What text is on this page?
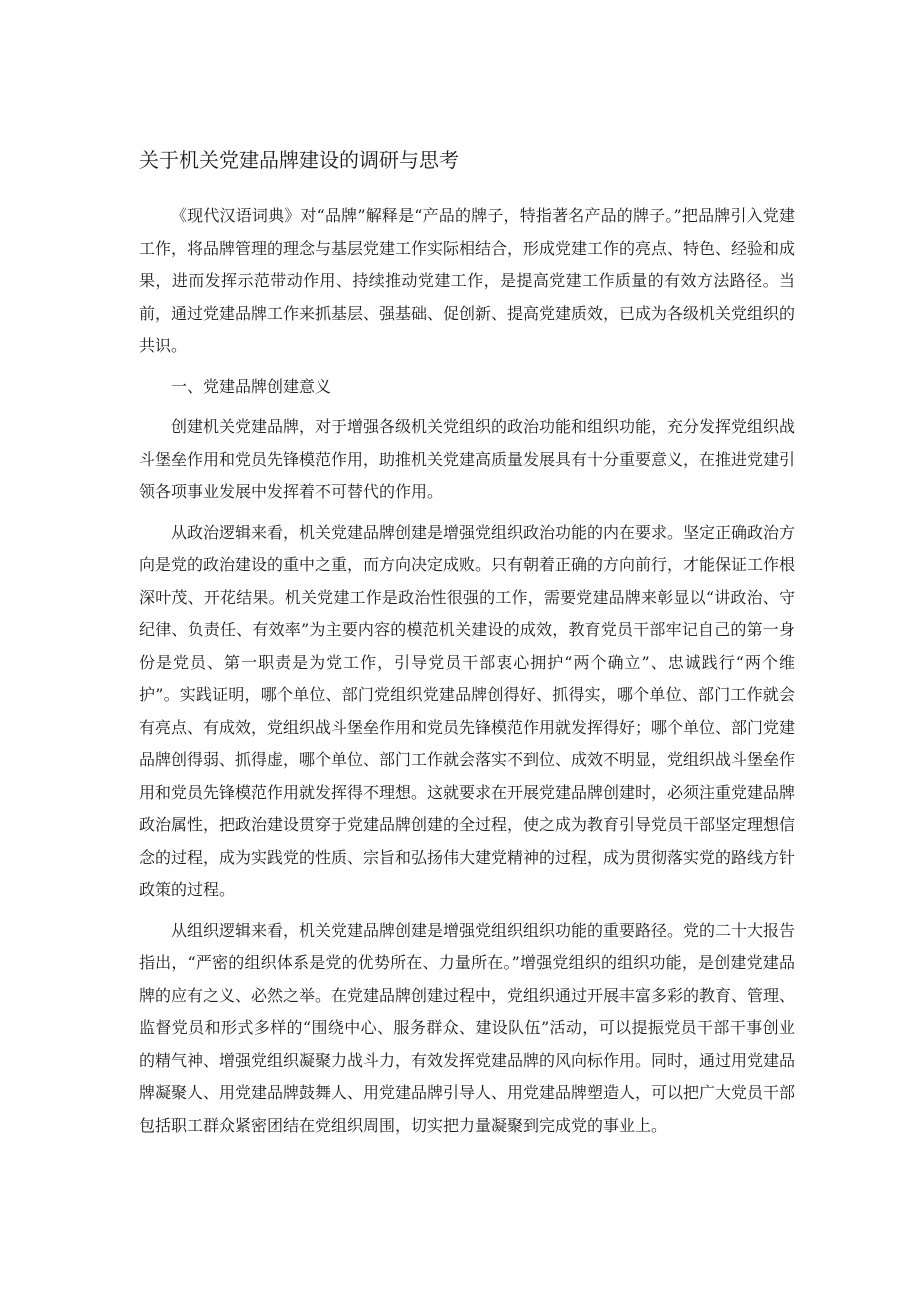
关于机关党建品牌建设的调研与思考

《现代汉语词典》对“品牌”解释是“产品的牌子，特指著名产品的牌子。”把品牌引入党建工作，将品牌管理的理念与基层党建工作实际相结合，形成党建工作的亮点、特色、经验和成果，进而发挥示范带动作用、持续推动党建工作，是提高党建工作质量的有效方法路径。当前，通过党建品牌工作来抓基层、强基础、促创新、提高党建质效，已成为各级机关党组织的共识。

一、党建品牌创建意义

创建机关党建品牌，对于增强各级机关党组织的政治功能和组织功能，充分发挥党组织战斗堡垒作用和党员先锋模范作用，助推机关党建高质量发展具有十分重要意义，在推进党建引领各项事业发展中发挥着不可替代的作用。

从政治逻辑来看，机关党建品牌创建是增强党组织政治功能的内在要求。坚定正确政治方向是党的政治建设的重中之重，而方向决定成败。只有朝着正确的方向前行，才能保证工作根深叶茂、开花结果。机关党建工作是政治性很强的工作，需要党建品牌来彰显以“讲政治、守纪律、负责任、有效率”为主要内容的模范机关建设的成效，教育党员干部牢记自己的第一身份是党员、第一职责是为党工作，引导党员干部衷心拥护“两个确立”、忠诚践行“两个维护”。实践证明，哪个单位、部门党组织党建品牌创得好、抓得实，哪个单位、部门工作就会有亮点、有成效，党组织战斗堡垒作用和党员先锋模范作用就发挥得好；哪个单位、部门党建品牌创得弱、抓得虚，哪个单位、部门工作就会落实不到位、成效不明显，党组织战斗堡垒作用和党员先锋模范作用就发挥得不理想。这就要求在开展党建品牌创建时，必须注重党建品牌政治属性，把政治建设贯穿于党建品牌创建的全过程，使之成为教育引导党员干部坚定理想信念的过程，成为实践党的性质、宗旨和弘扬伟大建党精神的过程，成为贯彻落实党的路线方针政策的过程。

从组织逻辑来看，机关党建品牌创建是增强党组织组织功能的重要路径。党的二十大报告指出，“严密的组织体系是党的优势所在、力量所在。”增强党组织的组织功能，是创建党建品牌的应有之义、必然之举。在党建品牌创建过程中，党组织通过开展丰富多彩的教育、管理、监督党员和形式多样的“围绕中心、服务群众、建设队伍”活动，可以提振党员干部干事创业的精气神、增强党组织凝聚力战斗力，有效发挥党建品牌的风向标作用。同时，通过用党建品牌凝聚人、用党建品牌鼓舞人、用党建品牌引导人、用党建品牌塑造人，可以把广大党员干部包括职工群众紧密团结在党组织周围，切实把力量凝聚到完成党的事业上。
